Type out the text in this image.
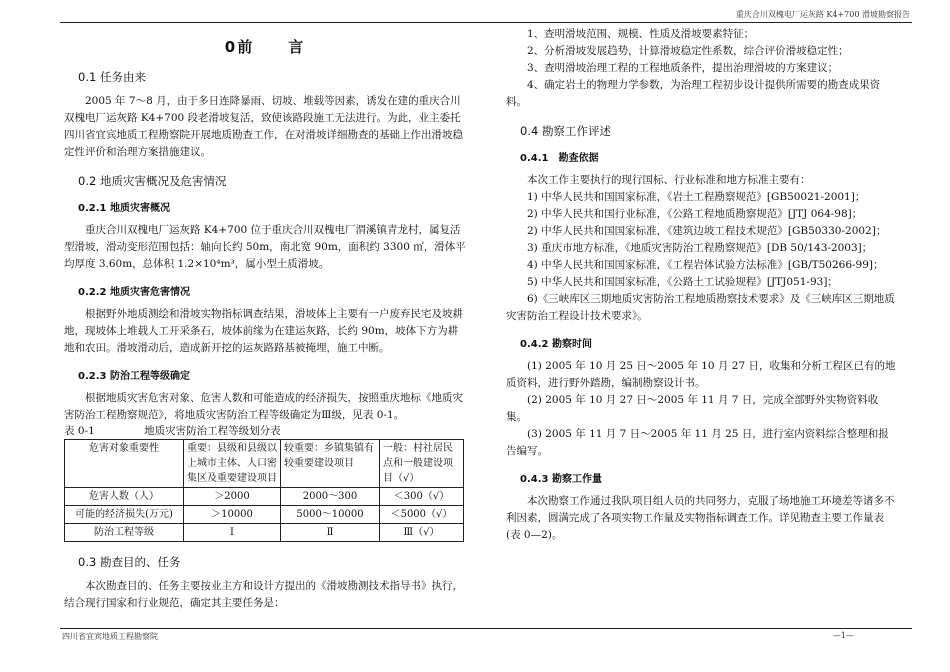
重庆合川双槐电厂运灰路 K4+700 滑坡勘察报告
0前　　言
0.1 任务由来

2005 年 7～8 月，由于多日连降暴雨、切坡、堆载等因素，诱发在建的重庆合川双槐电厂运灰路 K4+700 段老滑坡复活，致使该路段施工无法进行。为此，业主委托四川省宜宾地质工程勘察院开展地质勘查工作，在对滑坡详细勘查的基础上作出滑坡稳定性评价和治理方案措施建议。

0.2 地质灾害概况及危害情况
0.2.1 地质灾害概况

重庆合川双槐电厂运灰路 K4+700 位于重庆合川双槐电厂渭溪镇青龙村，属复活型滑坡，滑动变形范围包括：轴向长约 50m，南北宽 90m，面积约 3300 ㎡，滑体平均厚度 3.60m，总体积 1.2×10⁴m³，属小型土质滑坡。

0.2.2 地质灾害危害情况

根据野外地质测绘和滑坡实物指标调查结果，滑坡体上主要有一户废弃民宅及坡耕地，现坡体上堆载人工开采条石，坡体前缘为在建运灰路，长约 90m，坡体下方为耕地和农田。滑坡滑动后，造成新开挖的运灰路路基被掩埋，施工中断。

0.2.3 防治工程等级确定

根据地质灾害危害对象、危害人数和可能造成的经济损失，按照重庆地标《地质灾害防治工程勘察规范》，将地质灾害防治工程等级确定为Ⅲ级，见表 0-1。

表 0-1	地质灾害防治工程等级划分表
危害对象重要性	重要：县级和县级以上城市主体、人口密集区及重要建设项目	较重要：乡镇集镇有较重要建设项目	一般：村社居民点和一般建设项目（√）
危害人数（人）	＞2000	2000～300	＜300（√）
可能的经济损失(万元)	＞10000	5000～10000	＜5000（√）
防治工程等级	Ⅰ	Ⅱ	Ⅲ（√）
0.3 勘查目的、任务

本次勘查目的、任务主要按业主方和设计方提出的《滑坡勘测技术指导书》执行，结合现行国家和行业规范，确定其主要任务是：

1、查明滑坡范围、规模、性质及滑坡要素特征；
2、分析滑坡发展趋势，计算滑坡稳定性系数，综合评价滑坡稳定性；
3、查明滑坡治理工程的工程地质条件，提出治理滑坡的方案建议；
4、确定岩土的物理力学参数，为治理工程初步设计提供所需要的勘查成果资料。
0.4 勘察工作评述
0.4.1　勘查依据

本次工作主要执行的现行国标、行业标准和地方标准主要有：

1) 中华人民共和国国家标准，《岩土工程勘察规范》[GB50021-2001]；
2) 中华人民共和国行业标准，《公路工程地质勘察规范》[JTJ 064-98]；
2) 中华人民共和国国家标准，《建筑边坡工程技术规范》[GB50330-2002]；
3) 重庆市地方标准，《地质灾害防治工程勘察规范》[DB 50/143-2003]；
4) 中华人民共和国国家标准，《工程岩体试验方法标准》[GB/T50266-99]；
5) 中华人民共和国国家标准，《公路土工试验规程》[JTJ051-93]；
6)《三峡库区三期地质灾害防治工程地质勘察技术要求》及《三峡库区三期地质灾害防治工程设计技术要求》。
0.4.2 勘察时间
(1) 2005 年 10 月 25 日～2005 年 10 月 27 日，收集和分析工程区已有的地质资料，进行野外踏勘，编制勘察设计书。
(2) 2005 年 10 月 27 日～2005 年 11 月 7 日，完成全部野外实物资料收集。
(3) 2005 年 11 月 7 日～2005 年 11 月 25 日，进行室内资料综合整理和报告编写。
0.4.3 勘察工作量

本次勘察工作通过我队项目组人员的共同努力，克服了场地施工环境差等诸多不利因素，圆满完成了各项实物工作量及实物指标调查工作。详见勘查主要工作量表(表 0—2)。

四川省宜宾地质工程勘察院	—1—
